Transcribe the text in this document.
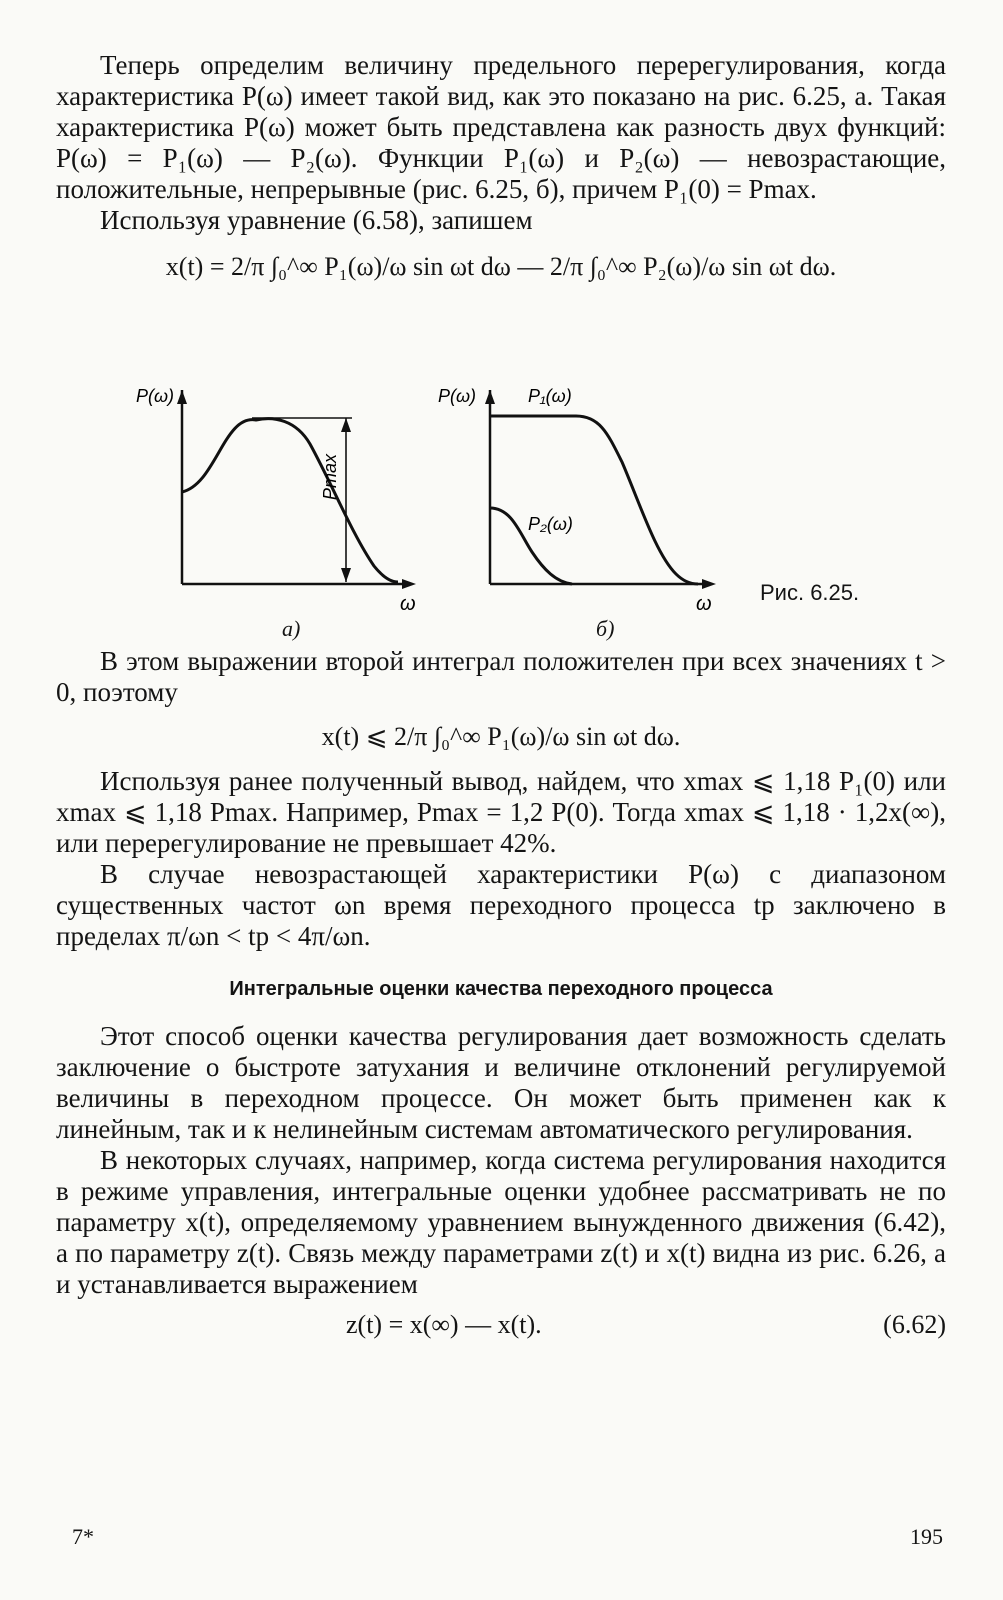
Теперь определим величину предельного перерегулирования, когда характеристика P(ω) имеет такой вид, как это показано на рис. 6.25, а. Такая характеристика P(ω) может быть представлена как разность двух функций: P(ω) = P₁(ω) — P₂(ω). Функции P₁(ω) и P₂(ω) — невозрастающие, положительные, непрерывные (рис. 6.25, б), причем P₁(0) = Pmax.

Используя уравнение (6.58), запишем

x(t) = 2/π ∫₀^∞ P₁(ω)/ω sin ωt dω — 2/π ∫₀^∞ P₂(ω)/ω sin ωt dω.

В этом выражении второй интеграл положителен при всех значениях t > 0, поэтому

x(t) ⩽ 2/π ∫₀^∞ P₁(ω)/ω sin ωt dω.

Используя ранее полученный вывод, найдем, что xmax ⩽ 1,18 P₁(0) или xmax ⩽ 1,18 Pmax. Например, Pmax = 1,2 P(0). Тогда xmax ⩽ 1,18 · 1,2x(∞), или перерегулирование не превышает 42%.

В случае невозрастающей характеристики P(ω) с диапазоном существенных частот ωn время переходного процесса tp заключено в пределах π/ωn < tp < 4π/ωn.

Интегральные оценки качества переходного процесса

Этот способ оценки качества регулирования дает возможность сделать заключение о быстроте затухания и величине отклонений регулируемой величины в переходном процессе. Он может быть применен как к линейным, так и к нелинейным системам автоматического регулирования.

В некоторых случаях, например, когда система регулирования находится в режиме управления, интегральные оценки удобнее рассматривать не по параметру x(t), определяемому уравнением вынужденного движения (6.42), а по параметру z(t). Связь между параметрами z(t) и x(t) видна из рис. 6.26, а и устанавливается выражением

z(t) = x(∞) — x(t).	(6.62)
P(ω)
ω
Pmax
P(ω)	P₁(ω)
P₂(ω)
ω
а)	б)
Рис. 6.25.
7*	195
